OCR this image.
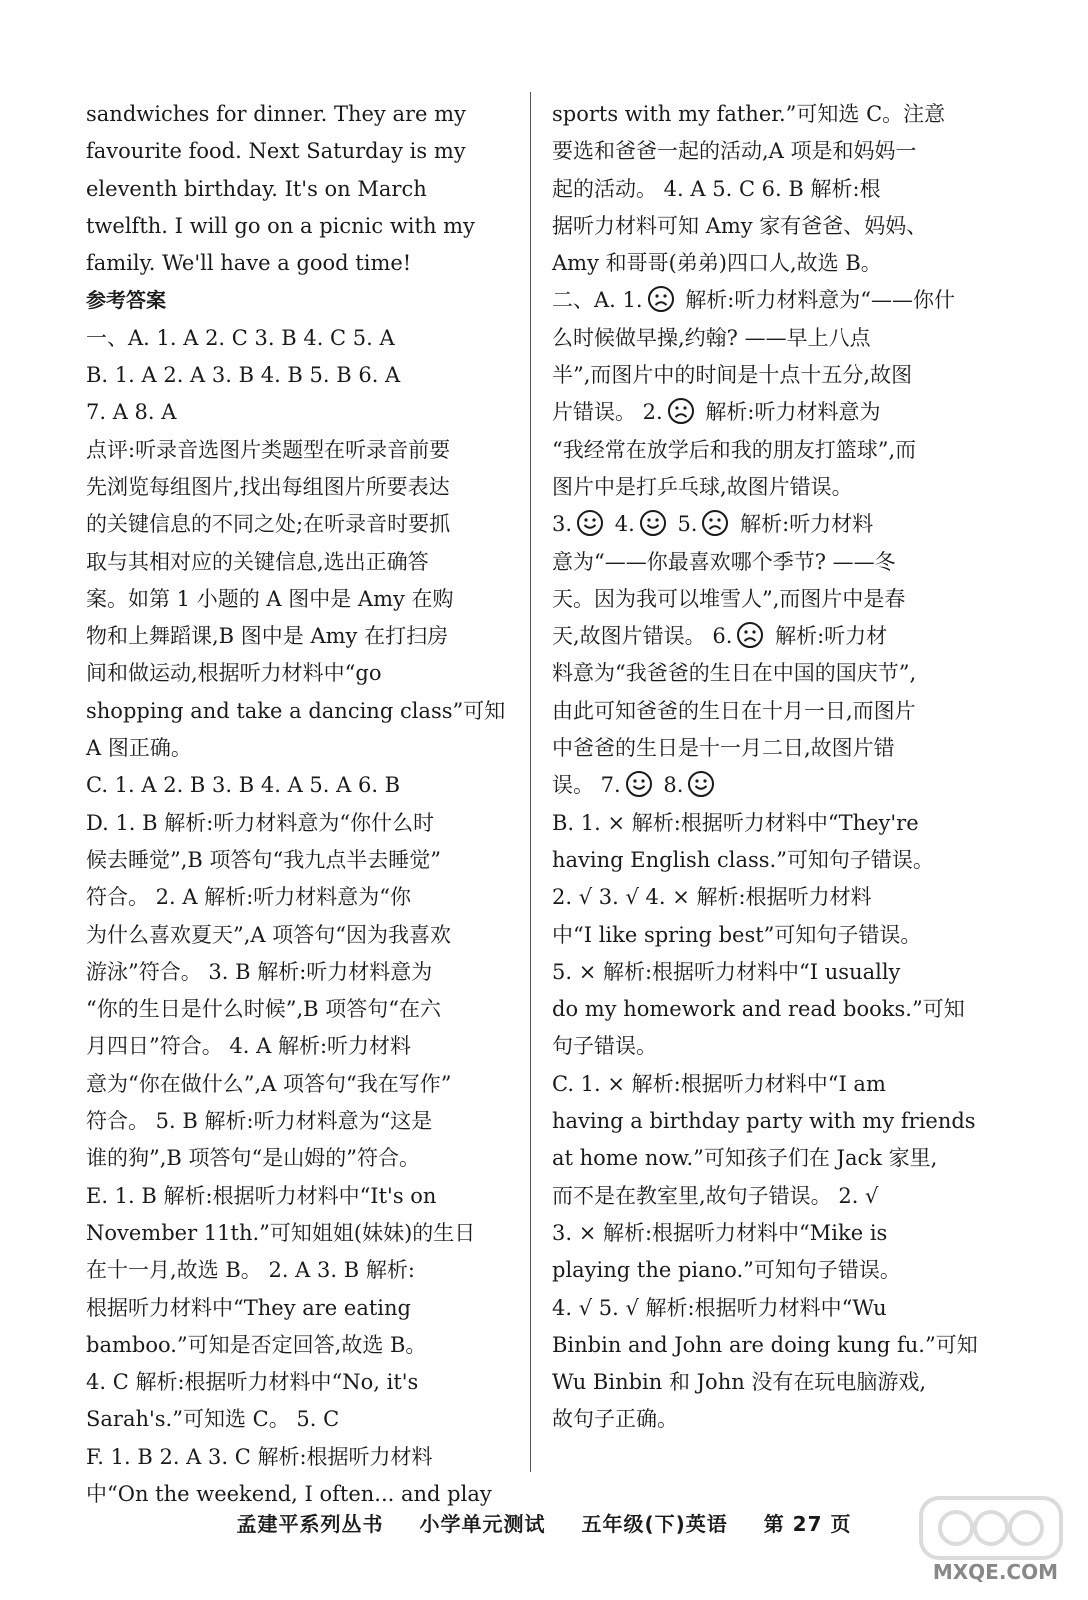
sandwiches for dinner. They are my
favourite food. Next Saturday is my
eleventh birthday. It's on March
twelfth. I will go on a picnic with my
family. We'll have a good time!
参考答案
一、A. 1. A 2. C 3. B 4. C 5. A
B. 1. A 2. A 3. B 4. B 5. B 6. A
7. A 8. A
点评:听录音选图片类题型在听录音前要
先浏览每组图片,找出每组图片所要表达
的关键信息的不同之处;在听录音时要抓
取与其相对应的关键信息,选出正确答
案。如第 1 小题的 A 图中是 Amy 在购
物和上舞蹈课,B 图中是 Amy 在打扫房
间和做运动,根据听力材料中“go
shopping and take a dancing class”可知
A 图正确。
C. 1. A 2. B 3. B 4. A 5. A 6. B
D. 1. B 解析:听力材料意为“你什么时
候去睡觉”,B 项答句“我九点半去睡觉”
符合。 2. A 解析:听力材料意为“你
为什么喜欢夏天”,A 项答句“因为我喜欢
游泳”符合。 3. B 解析:听力材料意为
“你的生日是什么时候”,B 项答句“在六
月四日”符合。 4. A 解析:听力材料
意为“你在做什么”,A 项答句“我在写作”
符合。 5. B 解析:听力材料意为“这是
谁的狗”,B 项答句“是山姆的”符合。
E. 1. B 解析:根据听力材料中“It's on
November 11th.”可知姐姐(妹妹)的生日
在十一月,故选 B。 2. A 3. B 解析:
根据听力材料中“They are eating
bamboo.”可知是否定回答,故选 B。
4. C 解析:根据听力材料中“No, it's
Sarah's.”可知选 C。 5. C
F. 1. B 2. A 3. C 解析:根据听力材料
中“On the weekend, I often... and play
sports with my father.”可知选 C。注意
要选和爸爸一起的活动,A 项是和妈妈一
起的活动。 4. A 5. C 6. B 解析:根
据听力材料可知 Amy 家有爸爸、妈妈、
Amy 和哥哥(弟弟)四口人,故选 B。
二、A. 1. 解析:听力材料意为“——你什
么时候做早操,约翰? ——早上八点
半”,而图片中的时间是十点十五分,故图
片错误。 2. 解析:听力材料意为
“我经常在放学后和我的朋友打篮球”,而
图片中是打乒乓球,故图片错误。
3. 4. 5. 解析:听力材料
意为“——你最喜欢哪个季节? ——冬
天。因为我可以堆雪人”,而图片中是春
天,故图片错误。 6. 解析:听力材
料意为“我爸爸的生日在中国的国庆节”,
由此可知爸爸的生日在十月一日,而图片
中爸爸的生日是十一月二日,故图片错
误。 7. 8.
B. 1. × 解析:根据听力材料中“They're
having English class.”可知句子错误。
2. √ 3. √ 4. × 解析:根据听力材料
中“I like spring best”可知句子错误。
5. × 解析:根据听力材料中“I usually
do my homework and read books.”可知
句子错误。
C. 1. × 解析:根据听力材料中“I am
having a birthday party with my friends
at home now.”可知孩子们在 Jack 家里,
而不是在教室里,故句子错误。 2. √
3. × 解析:根据听力材料中“Mike is
playing the piano.”可知句子错误。
4. √ 5. √ 解析:根据听力材料中“Wu
Binbin and John are doing kung fu.”可知
Wu Binbin 和 John 没有在玩电脑游戏,
故句子正确。
孟建平系列丛书 小学单元测试 五年级(下)英语 第 27 页
MXQE.COM
